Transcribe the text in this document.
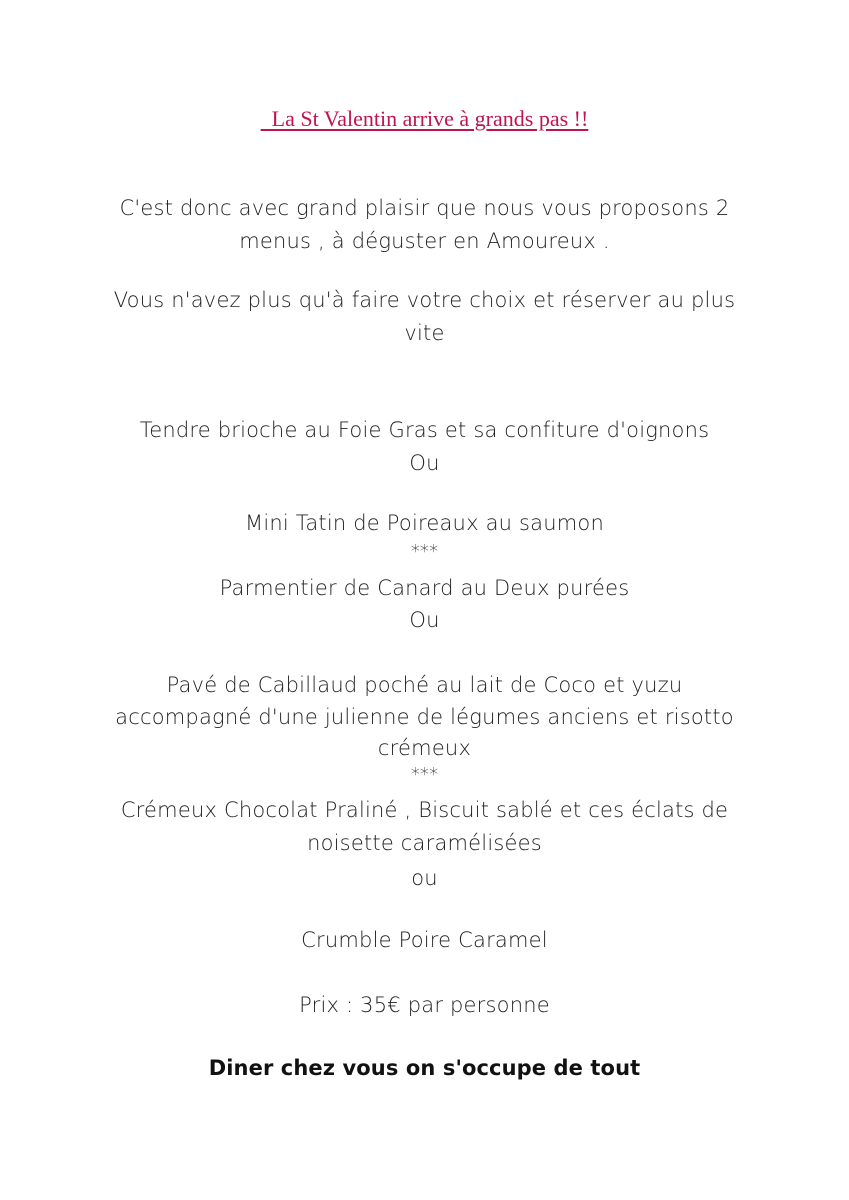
La St Valentin arrive à grands pas !!
C'est donc avec grand plaisir que nous vous proposons 2
menus , à déguster en Amoureux .
Vous n'avez plus qu'à faire votre choix et réserver au plus
vite
Tendre brioche au Foie Gras et sa confiture d'oignons
Ou
Mini Tatin de Poireaux au saumon
***
Parmentier de Canard au Deux purées
Ou
Pavé de Cabillaud poché au lait de Coco et yuzu
accompagné d'une julienne de légumes anciens et risotto
crémeux
***
Crémeux Chocolat Praliné , Biscuit sablé et ces éclats de
noisette caramélisées
ou
Crumble Poire Caramel
Prix : 35€ par personne
Diner chez vous on s'occupe de tout
